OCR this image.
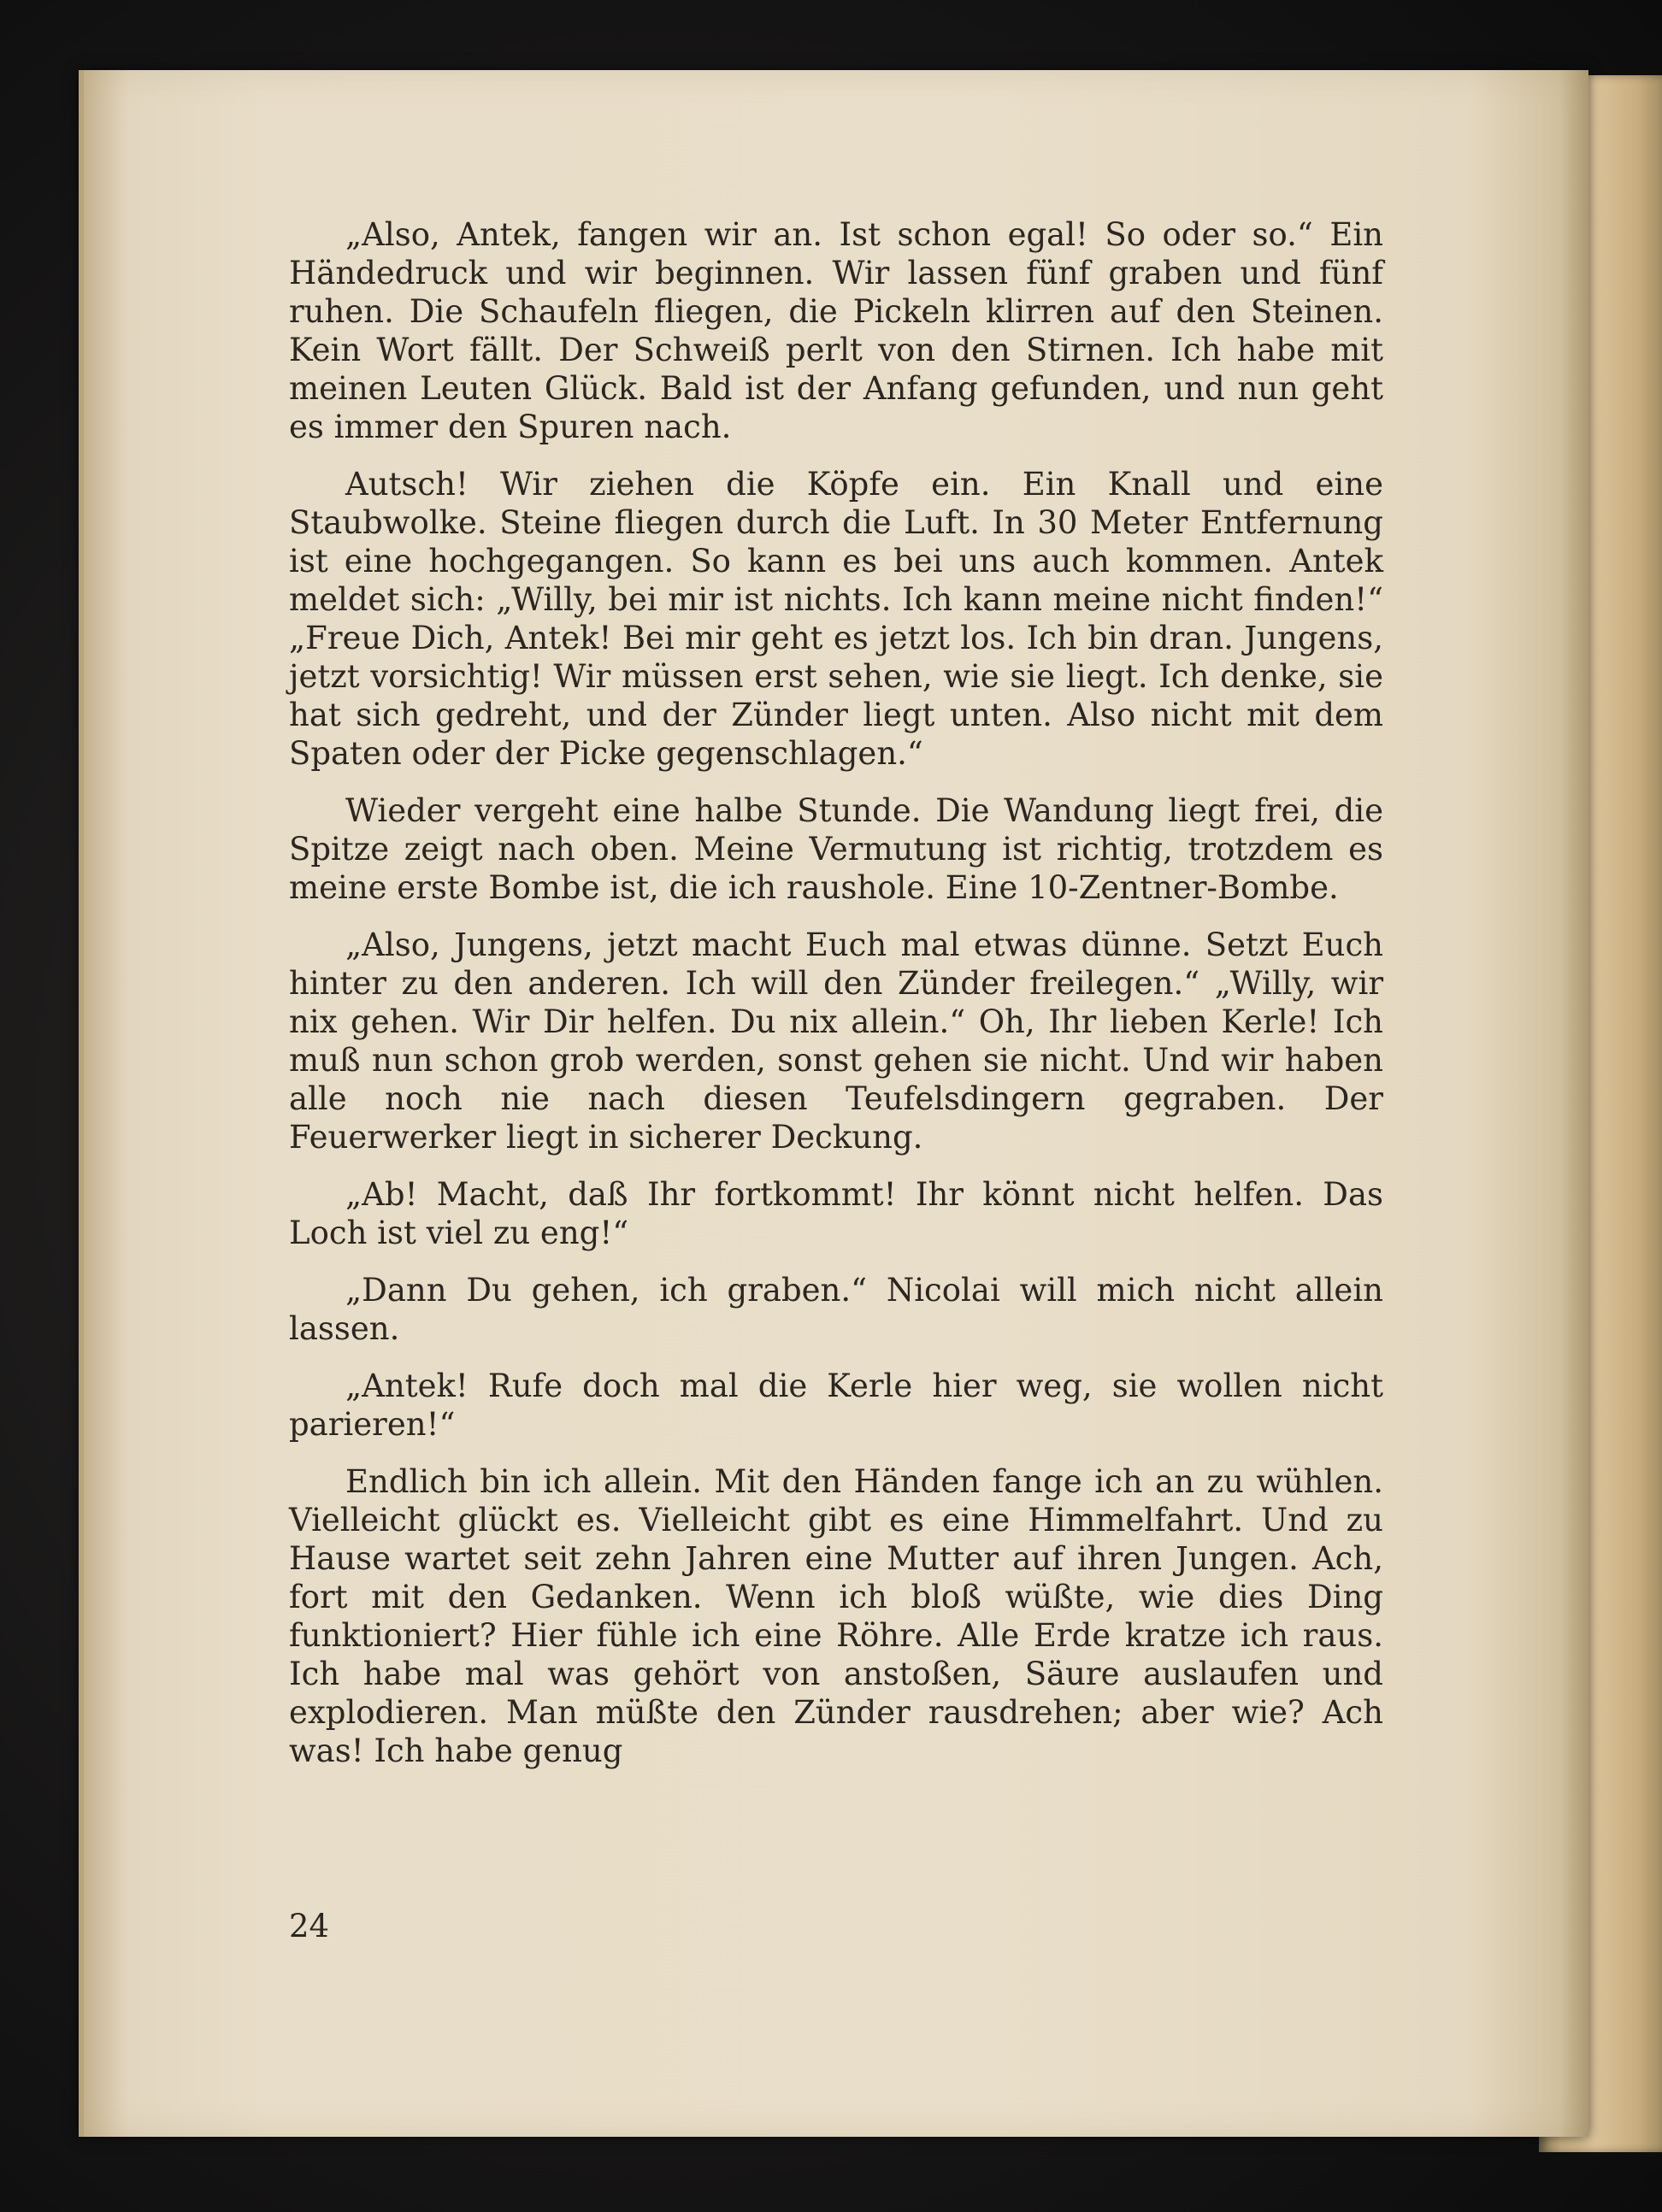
„Also, Antek, fangen wir an. Ist schon egal! So oder so.“ Ein Händedruck und wir beginnen. Wir lassen fünf graben und fünf ruhen. Die Schaufeln fliegen, die Pickeln klirren auf den Steinen. Kein Wort fällt. Der Schweiß perlt von den Stirnen. Ich habe mit meinen Leuten Glück. Bald ist der Anfang gefunden, und nun geht es immer den Spuren nach.

Autsch! Wir ziehen die Köpfe ein. Ein Knall und eine Staubwolke. Steine fliegen durch die Luft. In 30 Meter Entfernung ist eine hochgegangen. So kann es bei uns auch kommen. Antek meldet sich: „Willy, bei mir ist nichts. Ich kann meine nicht finden!“ „Freue Dich, Antek! Bei mir geht es jetzt los. Ich bin dran. Jungens, jetzt vorsichtig! Wir müssen erst sehen, wie sie liegt. Ich denke, sie hat sich gedreht, und der Zünder liegt unten. Also nicht mit dem Spaten oder der Picke gegenschlagen.“

Wieder vergeht eine halbe Stunde. Die Wandung liegt frei, die Spitze zeigt nach oben. Meine Vermutung ist richtig, trotzdem es meine erste Bombe ist, die ich raushole. Eine 10-Zentner-Bombe.

„Also, Jungens, jetzt macht Euch mal etwas dünne. Setzt Euch hinter zu den anderen. Ich will den Zünder freilegen.“ „Willy, wir nix gehen. Wir Dir helfen. Du nix allein.“ Oh, Ihr lieben Kerle! Ich muß nun schon grob werden, sonst gehen sie nicht. Und wir haben alle noch nie nach diesen Teufelsdingern gegraben. Der Feuerwerker liegt in sicherer Deckung.

„Ab! Macht, daß Ihr fortkommt! Ihr könnt nicht helfen. Das Loch ist viel zu eng!“

„Dann Du gehen, ich graben.“ Nicolai will mich nicht allein lassen.

„Antek! Rufe doch mal die Kerle hier weg, sie wollen nicht parieren!“

Endlich bin ich allein. Mit den Händen fange ich an zu wühlen. Vielleicht glückt es. Vielleicht gibt es eine Himmelfahrt. Und zu Hause wartet seit zehn Jahren eine Mutter auf ihren Jungen. Ach, fort mit den Gedanken. Wenn ich bloß wüßte, wie dies Ding funktioniert? Hier fühle ich eine Röhre. Alle Erde kratze ich raus. Ich habe mal was gehört von anstoßen, Säure auslaufen und explodieren. Man müßte den Zünder rausdrehen; aber wie? Ach was! Ich habe genug

24
